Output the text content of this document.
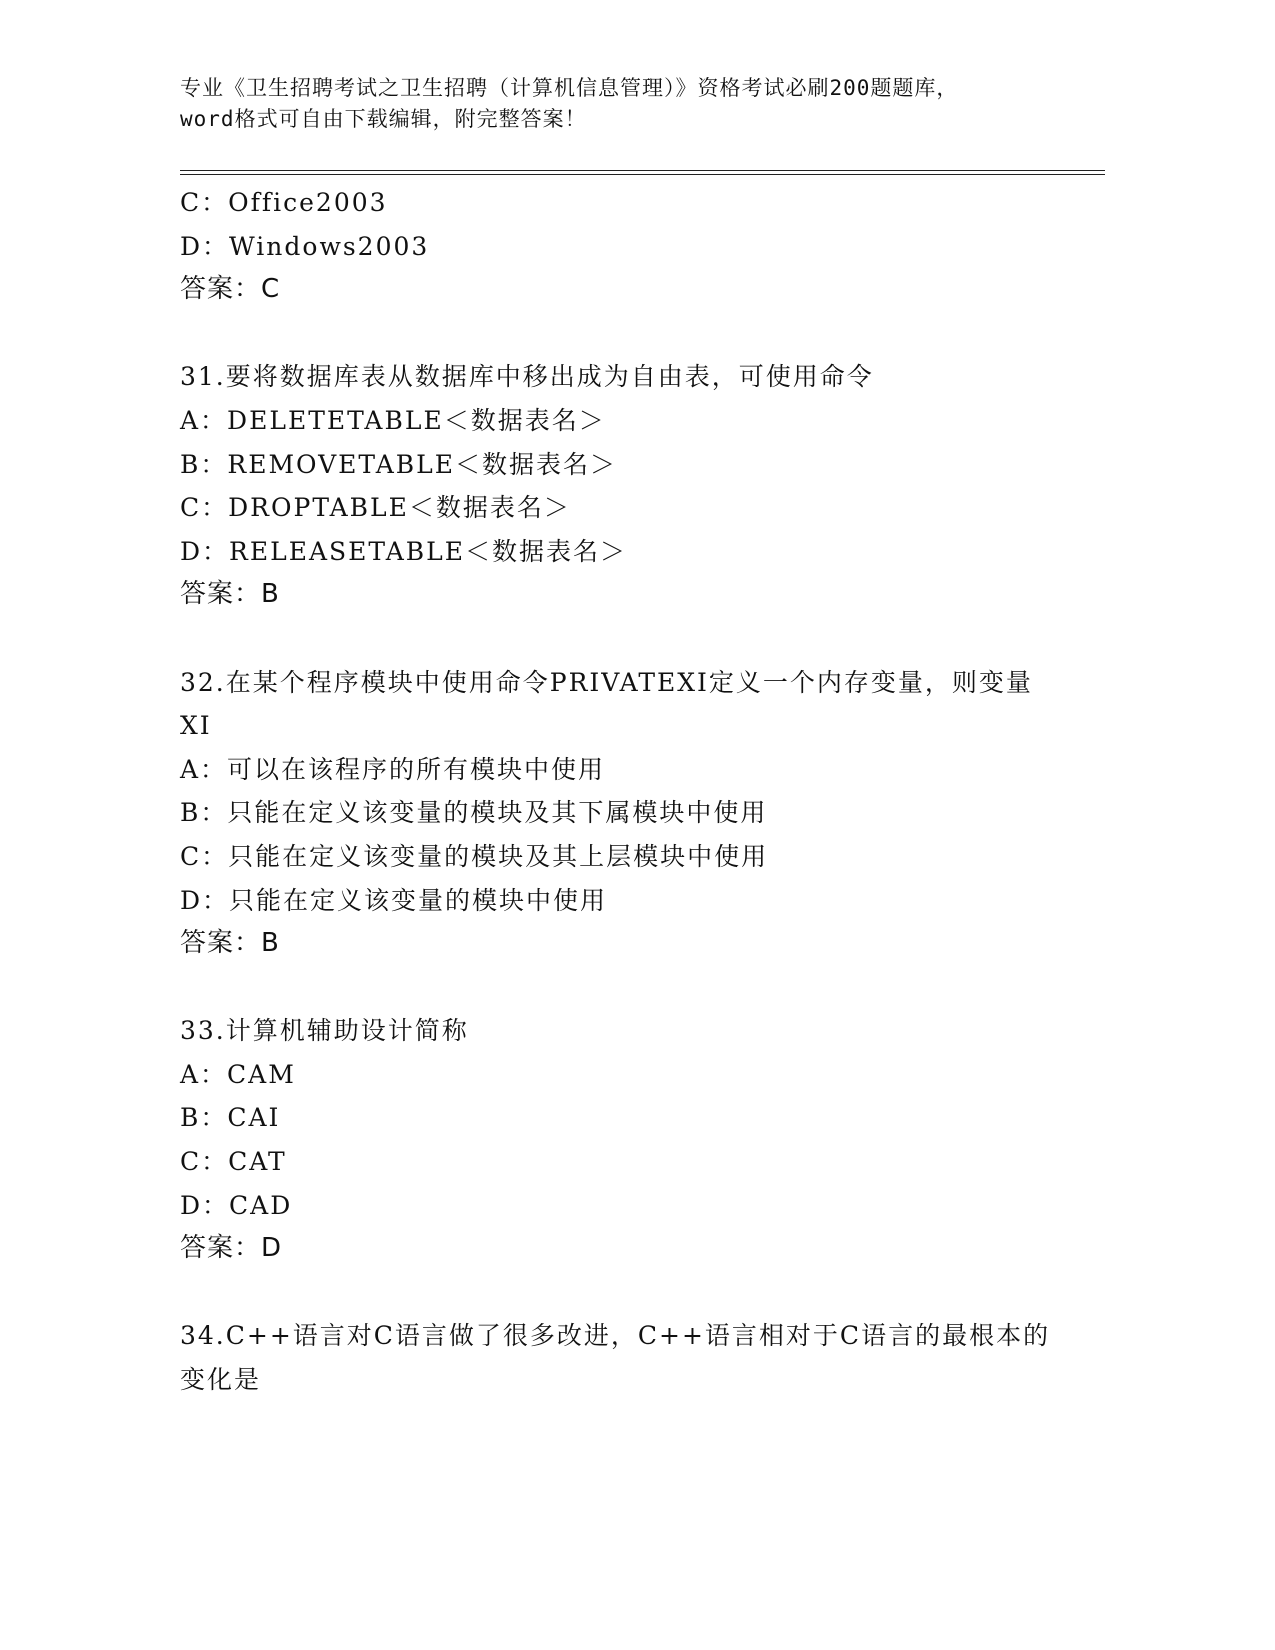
专业《卫生招聘考试之卫生招聘（计算机信息管理）》资格考试必刷200题题库，
word格式可自由下载编辑，附完整答案！
C：Office2003
D：Windows2003
答案：C
31.要将数据库表从数据库中移出成为自由表，可使用命令
A：DELETETABLE＜数据表名＞
B：REMOVETABLE＜数据表名＞
C：DROPTABLE＜数据表名＞
D：RELEASETABLE＜数据表名＞
答案：B
32.在某个程序模块中使用命令PRIVATEXI定义一个内存变量，则变量
XI
A：可以在该程序的所有模块中使用
B：只能在定义该变量的模块及其下属模块中使用
C：只能在定义该变量的模块及其上层模块中使用
D：只能在定义该变量的模块中使用
答案：B
33.计算机辅助设计简称
A：CAM
B：CAI
C：CAT
D：CAD
答案：D
34.C++语言对C语言做了很多改进，C++语言相对于C语言的最根本的
变化是
